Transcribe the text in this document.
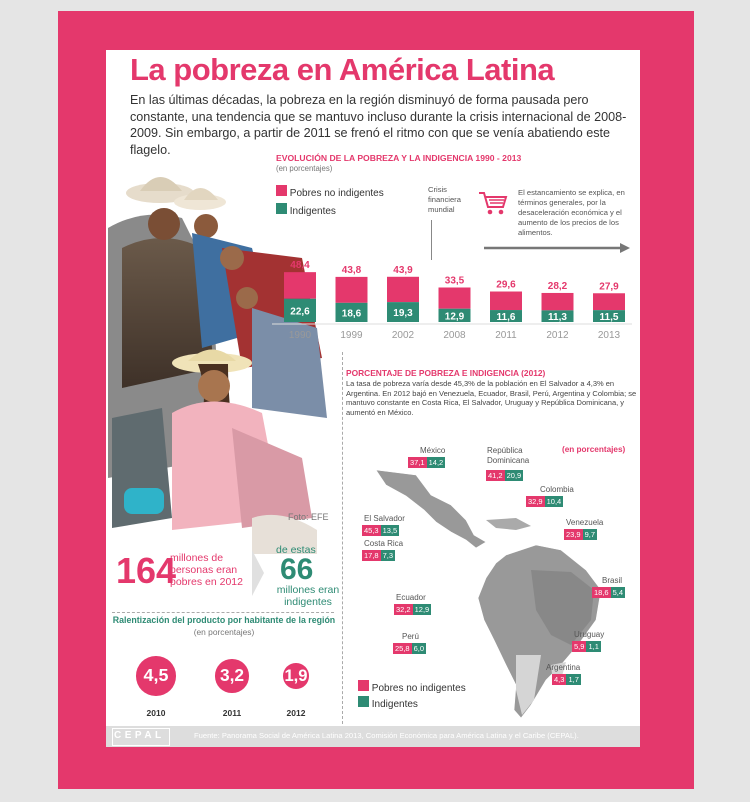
La pobreza en América Latina
En las últimas décadas, la pobreza en la región disminuyó de forma pausada pero constante, una tendencia que se mantuvo incluso durante la crisis internacional de 2008-2009. Sin embargo, a partir de 2011 se frenó el ritmo con que se venía abatiendo este flagelo.
Foto: EFE
EVOLUCIÓN DE LA POBREZA Y LA INDIGENCIA 1990 - 2013
(en porcentajes)
Pobres no indigentes
Indigentes
Crisis financiera mundial
El estancamiento se explica, en términos generales, por la desaceleración económica y el aumento de los precios de los alimentos.
48,4
22,6
1990
43,8
18,6
1999
43,9
19,3
2002
33,5
12,9
2008
29,6
11,6
2011
28,2
11,3
2012
27,9
11,5
2013
PORCENTAJE DE POBREZA E INDIGENCIA (2012)
La tasa de pobreza varía desde 45,3% de la población en El Salvador a 4,3% en Argentina. En 2012 bajó en Venezuela, Ecuador, Brasil, Perú, Argentina y Colombia; se mantuvo constante en Costa Rica, El Salvador, Uruguay y República Dominicana, y aumentó en México.
(en porcentajes)
México
37,1 14,2
República Dominicana
41,2 20,9
Colombia
32,9 10,4
El Salvador
45,3 13,5
Costa Rica
17,8 7,3
Venezuela
23,9 9,7
Brasil
18,6 5,4
Ecuador
32,2 12,9
Perú
25,8 6,0
Uruguay
5,9 1,1
Argentina
4,3 1,7
Pobres no indigentes
Indigentes
164
millones de personas eran pobres en 2012
de estas
66
millones eran indigentes
Ralentización del producto por habitante de la región
(en porcentajes)
4,5
2010
3,2
2011
1,9
2012
CEPAL	Fuente: Panorama Social de América Latina 2013, Comisión Económica para América Latina y el Caribe (CEPAL).
